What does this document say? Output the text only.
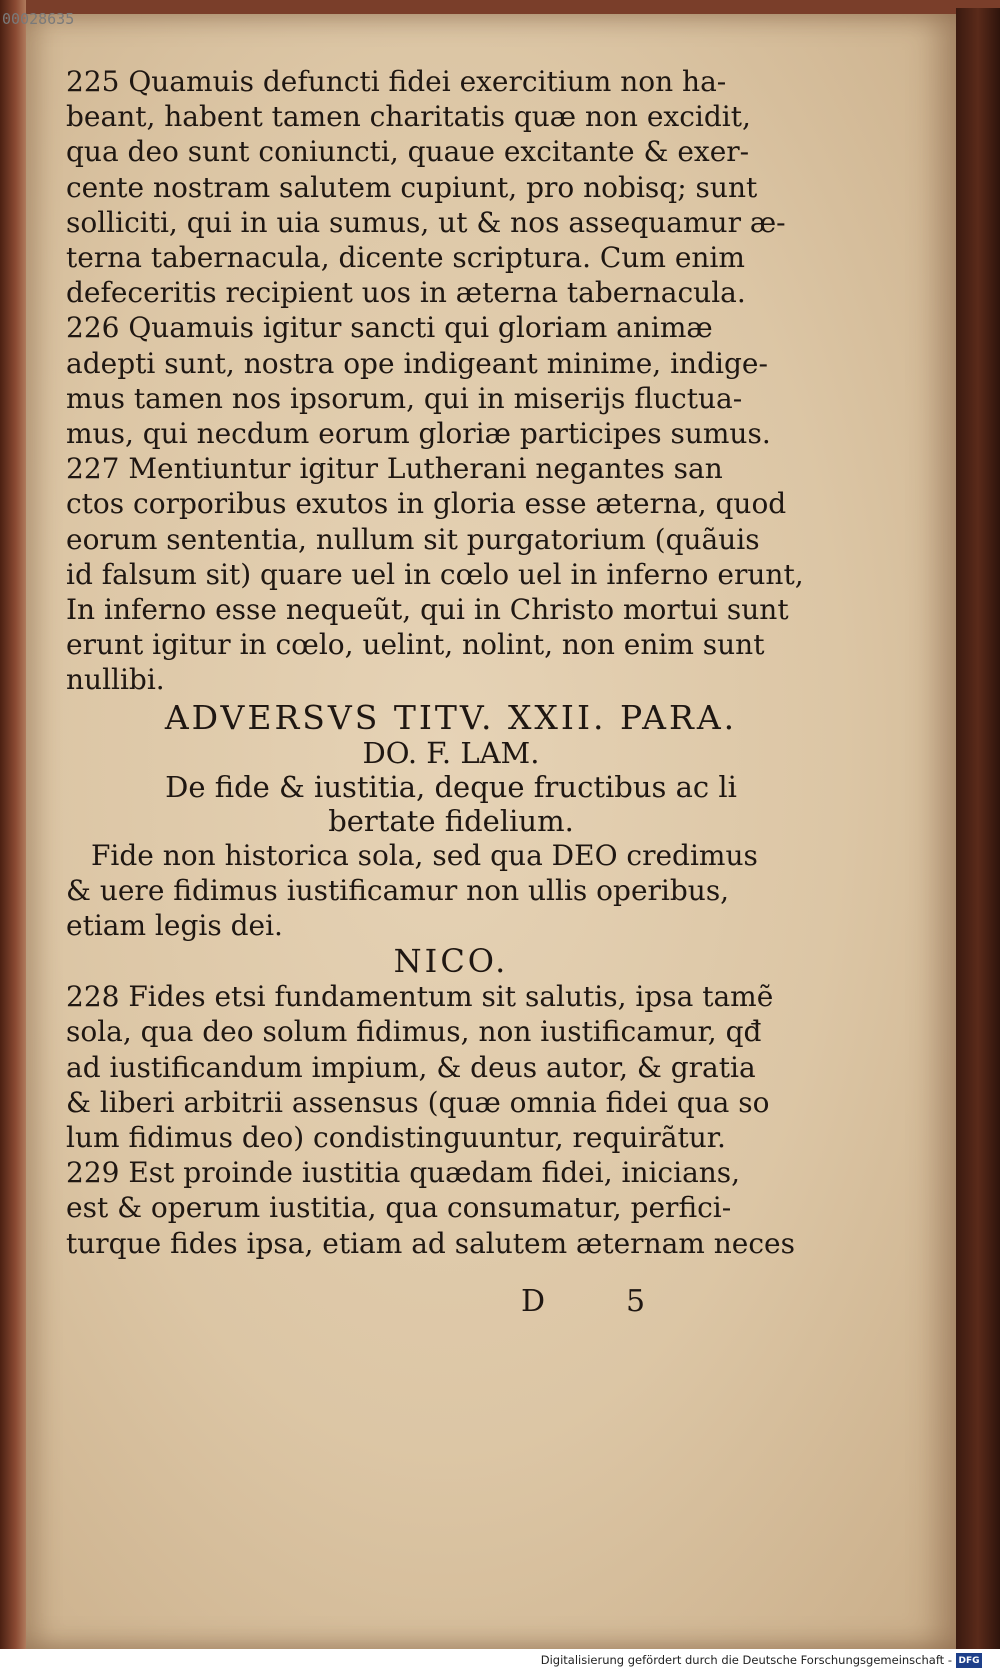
225 Quamuis defuncti fidei exercitium non ha-
beant, habent tamen charitatis quæ non excidit,
qua deo sunt coniuncti, quaue excitante & exer-
cente nostram salutem cupiunt, pro nobisq; sunt
solliciti, qui in uia sumus, ut & nos assequamur æ-
terna tabernacula, dicente scriptura. Cum enim
defeceritis recipient uos in æterna tabernacula.
226 Quamuis igitur sancti qui gloriam animæ
adepti sunt, nostra ope indigeant minime, indige-
mus tamen nos ipsorum, qui in miserijs fluctua-
mus, qui necdum eorum gloriæ participes sumus.
227 Mentiuntur igitur Lutherani negantes san
ctos corporibus exutos in gloria esse æterna, quod
eorum sententia, nullum sit purgatorium (quãuis
id falsum sit) quare uel in cœlo uel in inferno erunt,
In inferno esse nequeũt, qui in Christo mortui sunt
erunt igitur in cœlo, uelint, nolint, non enim sunt
nullibi.
ADVERSVS TITV. XXII. PARA.
DO. F. LAM.
De fide & iustitia, deque fructibus ac li
bertate fidelium.
Fide non historica sola, sed qua DEO credimus
& uere fidimus iustificamur non ullis operibus,
etiam legis dei.
NICO.
228 Fides etsi fundamentum sit salutis, ipsa tamẽ
sola, qua deo solum fidimus, non iustificamur, qđ
ad iustificandum impium, & deus autor, & gratia
& liberi arbitrii assensus (quæ omnia fidei qua so
lum fidimus deo) condistinguuntur, requirãtur.
229 Est proinde iustitia quædam fidei, inicians,
est & operum iustitia, qua consumatur, perfici-
turque fides ipsa, etiam ad salutem æternam neces
D	5
00028635
Digitalisierung gefördert durch die Deutsche Forschungsgemeinschaft - DFG
